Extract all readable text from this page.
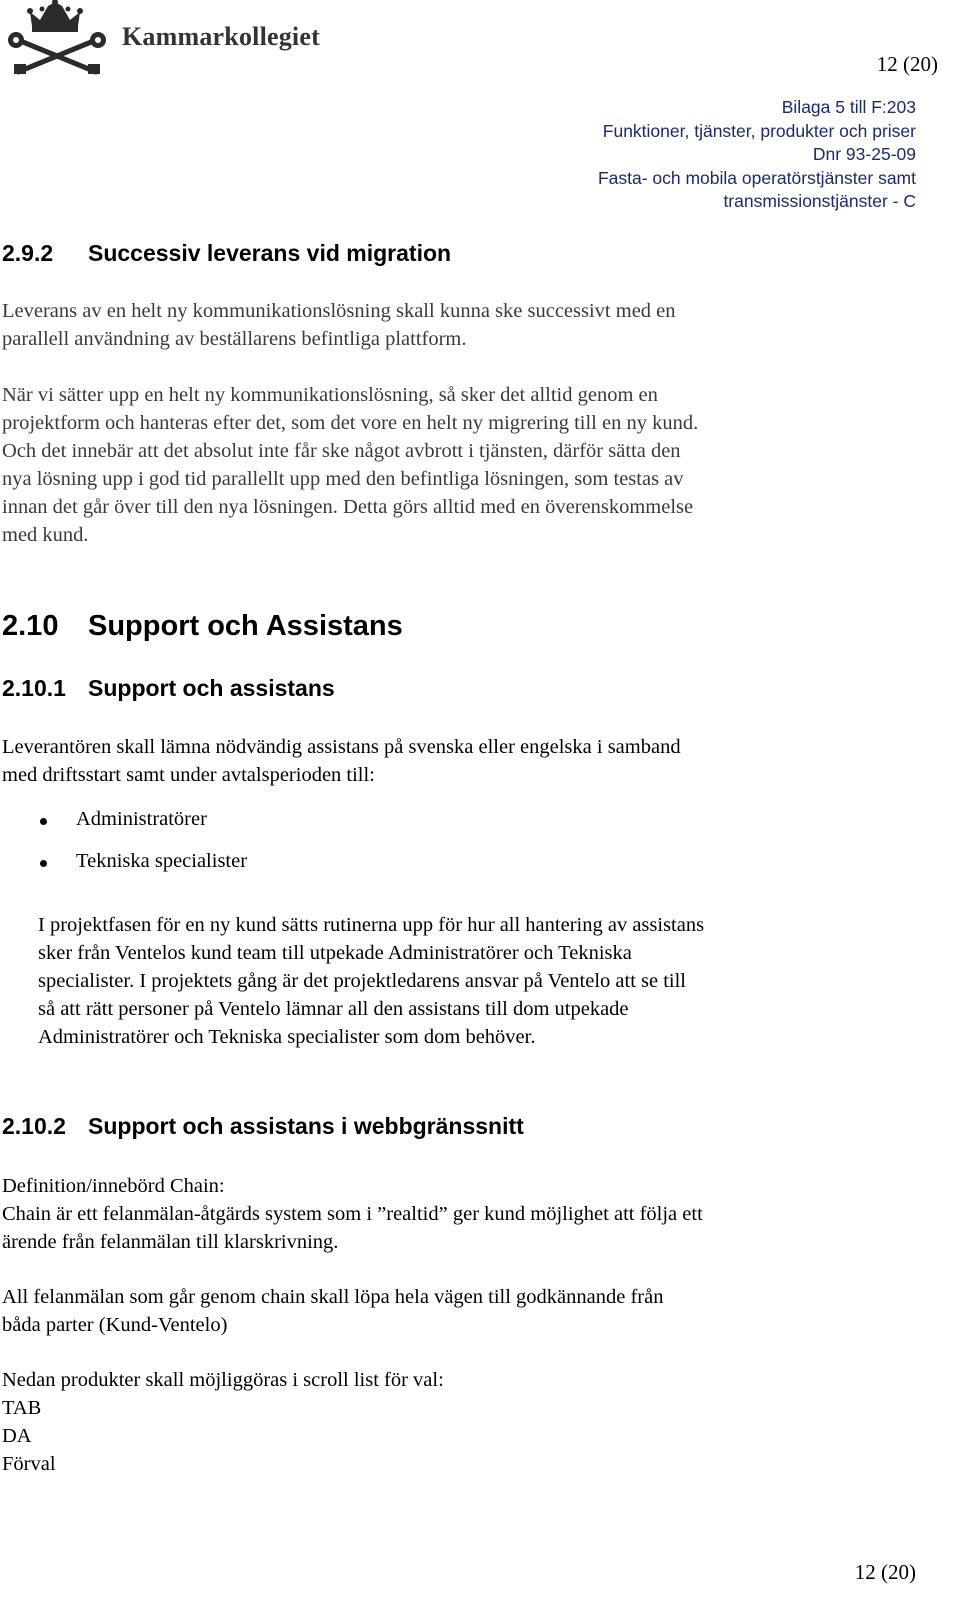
Kammarkollegiet
12 (20)
Bilaga 5 till F:203
Funktioner, tjänster, produkter och priser
Dnr 93-25-09
Fasta- och mobila operatörstjänster samt
transmissionstjänster - C
2.9.2 Successiv leverans vid migration
Leverans av en helt ny kommunikationslösning skall kunna ske successivt med en
parallell användning av beställarens befintliga plattform.
När vi sätter upp en helt ny kommunikationslösning, så sker det alltid genom en
projektform och hanteras efter det, som det vore en helt ny migrering till en ny kund.
Och det innebär att det absolut inte får ske något avbrott i tjänsten, därför sätta den
nya lösning upp i god tid parallellt upp med den befintliga lösningen, som testas av
innan det går över till den nya lösningen. Detta görs alltid med en överenskommelse
med kund.
2.10 Support och Assistans
2.10.1 Support och assistans
Leverantören skall lämna nödvändig assistans på svenska eller engelska i samband
med driftsstart samt under avtalsperioden till:
Administratörer
Tekniska specialister
I projektfasen för en ny kund sätts rutinerna upp för hur all hantering av assistans
sker från Ventelos kund team till utpekade Administratörer och Tekniska
specialister. I projektets gång är det projektledarens ansvar på Ventelo att se till
så att rätt personer på Ventelo lämnar all den assistans till dom utpekade
Administratörer och Tekniska specialister som dom behöver.
2.10.2 Support och assistans i webbgränssnitt
Definition/innebörd Chain:
Chain är ett felanmälan-åtgärds system som i ”realtid” ger kund möjlighet att följa ett
ärende från felanmälan till klarskrivning.
All felanmälan som går genom chain skall löpa hela vägen till godkännande från
båda parter (Kund-Ventelo)
Nedan produkter skall möjliggöras i scroll list för val:
TAB
DA
Förval
12 (20)
